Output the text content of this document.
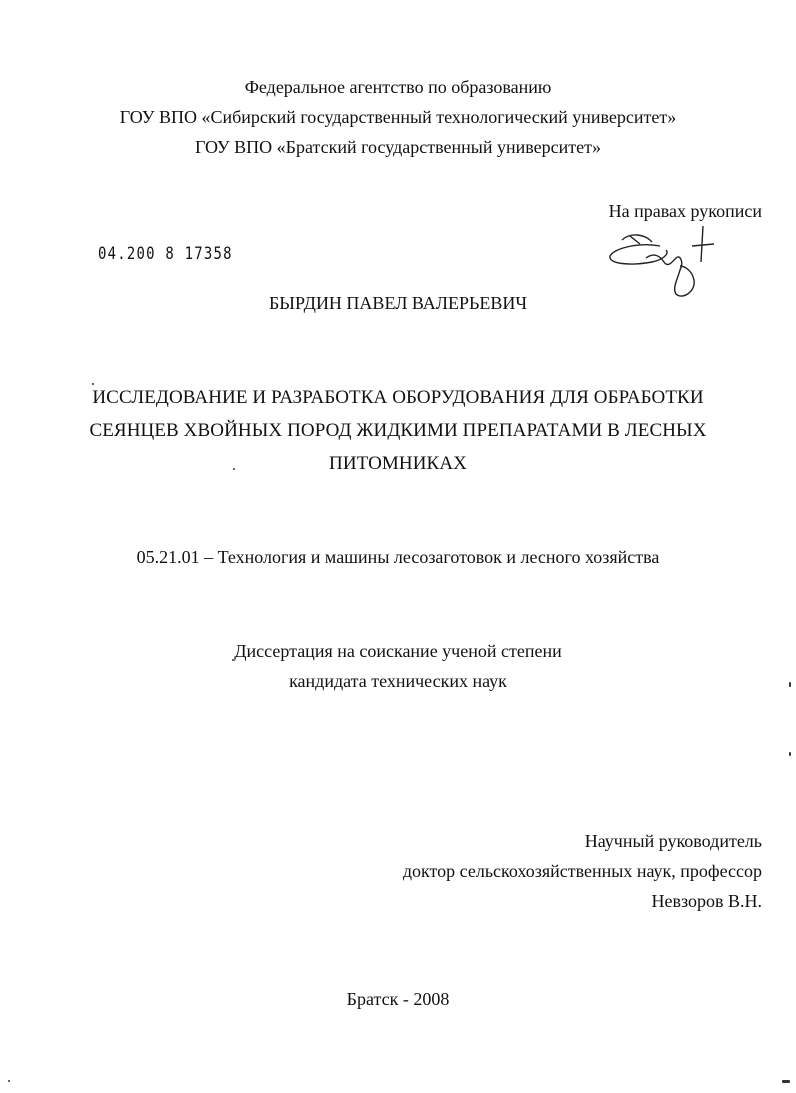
Федеральное агентство по образованию
ГОУ ВПО «Сибирский государственный технологический университет»
ГОУ ВПО «Братский государственный университет»
На правах рукописи
04.200 8 17358
БЫРДИН ПАВЕЛ ВАЛЕРЬЕВИЧ
ИССЛЕДОВАНИЕ И РАЗРАБОТКА ОБОРУДОВАНИЯ ДЛЯ ОБРАБОТКИ
СЕЯНЦЕВ ХВОЙНЫХ ПОРОД ЖИДКИМИ ПРЕПАРАТАМИ В ЛЕСНЫХ
ПИТОМНИКАХ
05.21.01 – Технология и машины лесозаготовок и лесного хозяйства
Диссертация на соискание ученой степени
кандидата технических наук
Научный руководитель
доктор сельскохозяйственных наук, профессор
Невзоров В.Н.
Братск - 2008
